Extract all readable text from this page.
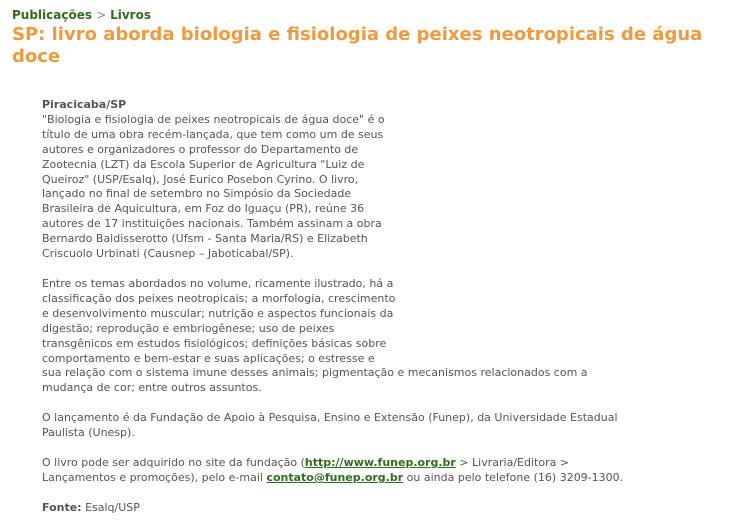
Publicações > Livros
SP: livro aborda biologia e fisiologia de peixes neotropicais de água doce
Piracicaba/SP
"Biologia e fisiologia de peixes neotropicais de água doce" é o
título de uma obra recém-lançada, que tem como um de seus
autores e organizadores o professor do Departamento de
Zootecnia (LZT) da Escola Superior de Agricultura "Luiz de
Queiroz" (USP/Esalq), José Eurico Posebon Cyrino. O livro,
lançado no final de setembro no Simpósio da Sociedade
Brasileira de Aquicultura, em Foz do Iguaçu (PR), reúne 36
autores de 17 instituições nacionais. Também assinam a obra
Bernardo Baldisserotto (Ufsm - Santa Maria/RS) e Elizabeth
Criscuolo Urbinati (Causnep – Jaboticabal/SP).
Entre os temas abordados no volume, ricamente ilustrado, há a
classificação dos peixes neotropicais; a morfologia, crescimento
e desenvolvimento muscular; nutrição e aspectos funcionais da
digestão; reprodução e embriogênese; uso de peixes
transgênicos em estudos fisiológicos; definições básicas sobre
comportamento e bem-estar e suas aplicações; o estresse e
sua relação com o sistema imune desses animais; pigmentação e mecanismos relacionados com a
mudança de cor; entre outros assuntos.
O lançamento é da Fundação de Apoio à Pesquisa, Ensino e Extensão (Funep), da Universidade Estadual
Paulista (Unesp).
O livro pode ser adquirido no site da fundação (http://www.funep.org.br > Livraria/Editora >
Lançamentos e promoções), pelo e-mail contato@funep.org.br ou ainda pelo telefone (16) 3209-1300.
Fonte: Esalq/USP
